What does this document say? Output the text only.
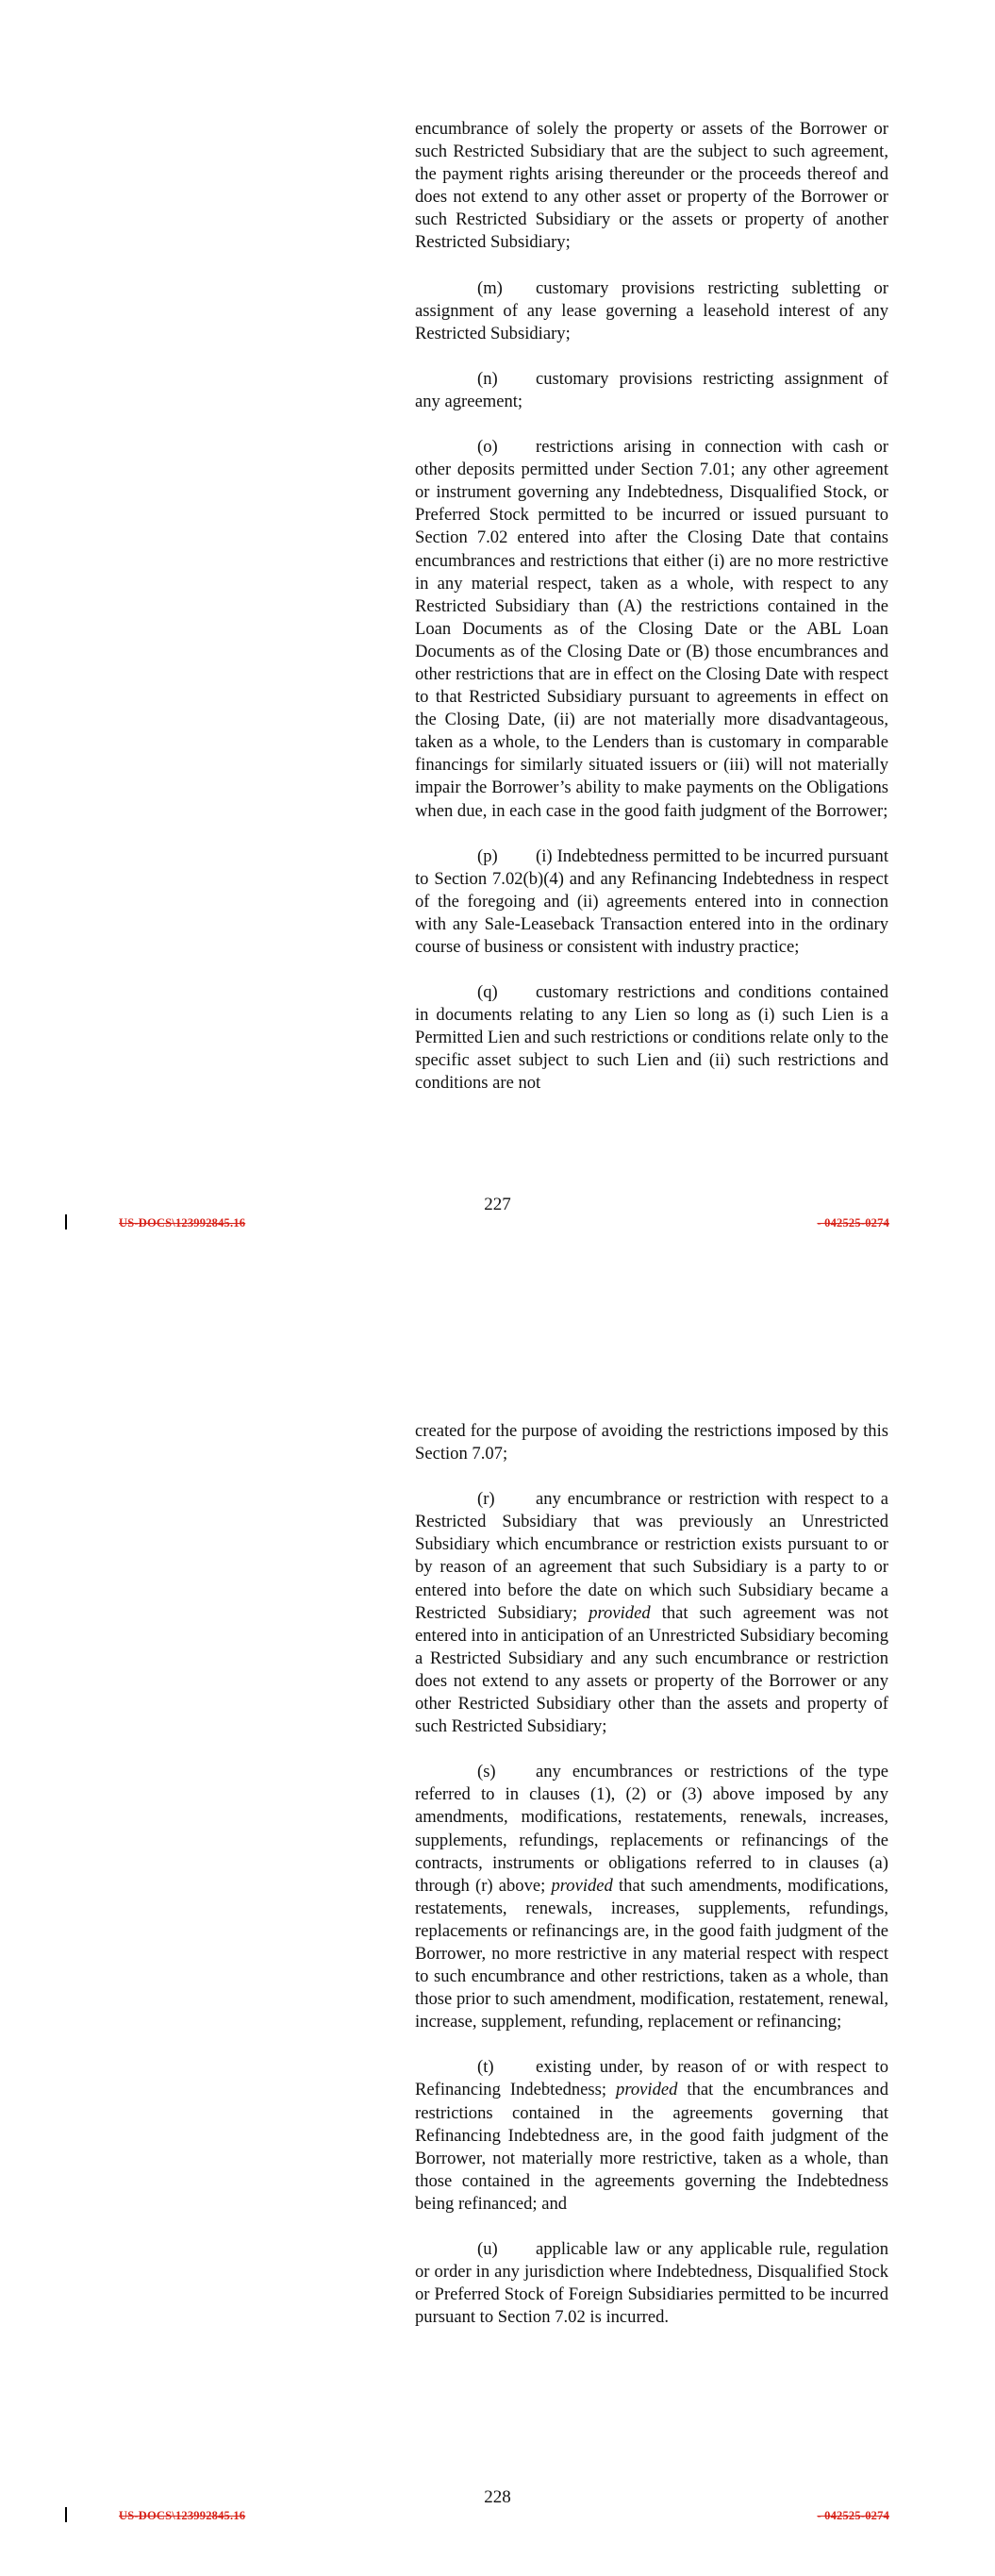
encumbrance of solely the property or assets of the Borrower or such Restricted Subsidiary that are the subject to such agreement, the payment rights arising thereunder or the proceeds thereof and does not extend to any other asset or property of the Borrower or such Restricted Subsidiary or the assets or property of another Restricted Subsidiary;

(m) customary provisions restricting subletting or assignment of any lease governing a leasehold interest of any Restricted Subsidiary;

(n) customary provisions restricting assignment of any agreement;

(o) restrictions arising in connection with cash or other deposits permitted under Section 7.01; any other agreement or instrument governing any Indebtedness, Disqualified Stock, or Preferred Stock permitted to be incurred or issued pursuant to Section 7.02 entered into after the Closing Date that contains encumbrances and restrictions that either (i) are no more restrictive in any material respect, taken as a whole, with respect to any Restricted Subsidiary than (A) the restrictions contained in the Loan Documents as of the Closing Date or the ABL Loan Documents as of the Closing Date or (B) those encumbrances and other restrictions that are in effect on the Closing Date with respect to that Restricted Subsidiary pursuant to agreements in effect on the Closing Date, (ii) are not materially more disadvantageous, taken as a whole, to the Lenders than is customary in comparable financings for similarly situated issuers or (iii) will not materially impair the Borrower’s ability to make payments on the Obligations when due, in each case in the good faith judgment of the Borrower;

(p) (i) Indebtedness permitted to be incurred pursuant to Section 7.02(b)(4) and any Refinancing Indebtedness in respect of the foregoing and (ii) agreements entered into in connection with any Sale-Leaseback Transaction entered into in the ordinary course of business or consistent with industry practice;

(q) customary restrictions and conditions contained in documents relating to any Lien so long as (i) such Lien is a Permitted Lien and such restrictions or conditions relate only to the specific asset subject to such Lien and (ii) such restrictions and conditions are not

227
US-DOCS\123992845.16	- 042525-0274

created for the purpose of avoiding the restrictions imposed by this Section 7.07;

(r) any encumbrance or restriction with respect to a Restricted Subsidiary that was previously an Unrestricted Subsidiary which encumbrance or restriction exists pursuant to or by reason of an agreement that such Subsidiary is a party to or entered into before the date on which such Subsidiary became a Restricted Subsidiary; provided that such agreement was not entered into in anticipation of an Unrestricted Subsidiary becoming a Restricted Subsidiary and any such encumbrance or restriction does not extend to any assets or property of the Borrower or any other Restricted Subsidiary other than the assets and property of such Restricted Subsidiary;

(s) any encumbrances or restrictions of the type referred to in clauses (1), (2) or (3) above imposed by any amendments, modifications, restatements, renewals, increases, supplements, refundings, replacements or refinancings of the contracts, instruments or obligations referred to in clauses (a) through (r) above; provided that such amendments, modifications, restatements, renewals, increases, supplements, refundings, replacements or refinancings are, in the good faith judgment of the Borrower, no more restrictive in any material respect with respect to such encumbrance and other restrictions, taken as a whole, than those prior to such amendment, modification, restatement, renewal, increase, supplement, refunding, replacement or refinancing;

(t) existing under, by reason of or with respect to Refinancing Indebtedness; provided that the encumbrances and restrictions contained in the agreements governing that Refinancing Indebtedness are, in the good faith judgment of the Borrower, not materially more restrictive, taken as a whole, than those contained in the agreements governing the Indebtedness being refinanced; and

(u) applicable law or any applicable rule, regulation or order in any jurisdiction where Indebtedness, Disqualified Stock or Preferred Stock of Foreign Subsidiaries permitted to be incurred pursuant to Section 7.02 is incurred.

228
US-DOCS\123992845.16	- 042525-0274
